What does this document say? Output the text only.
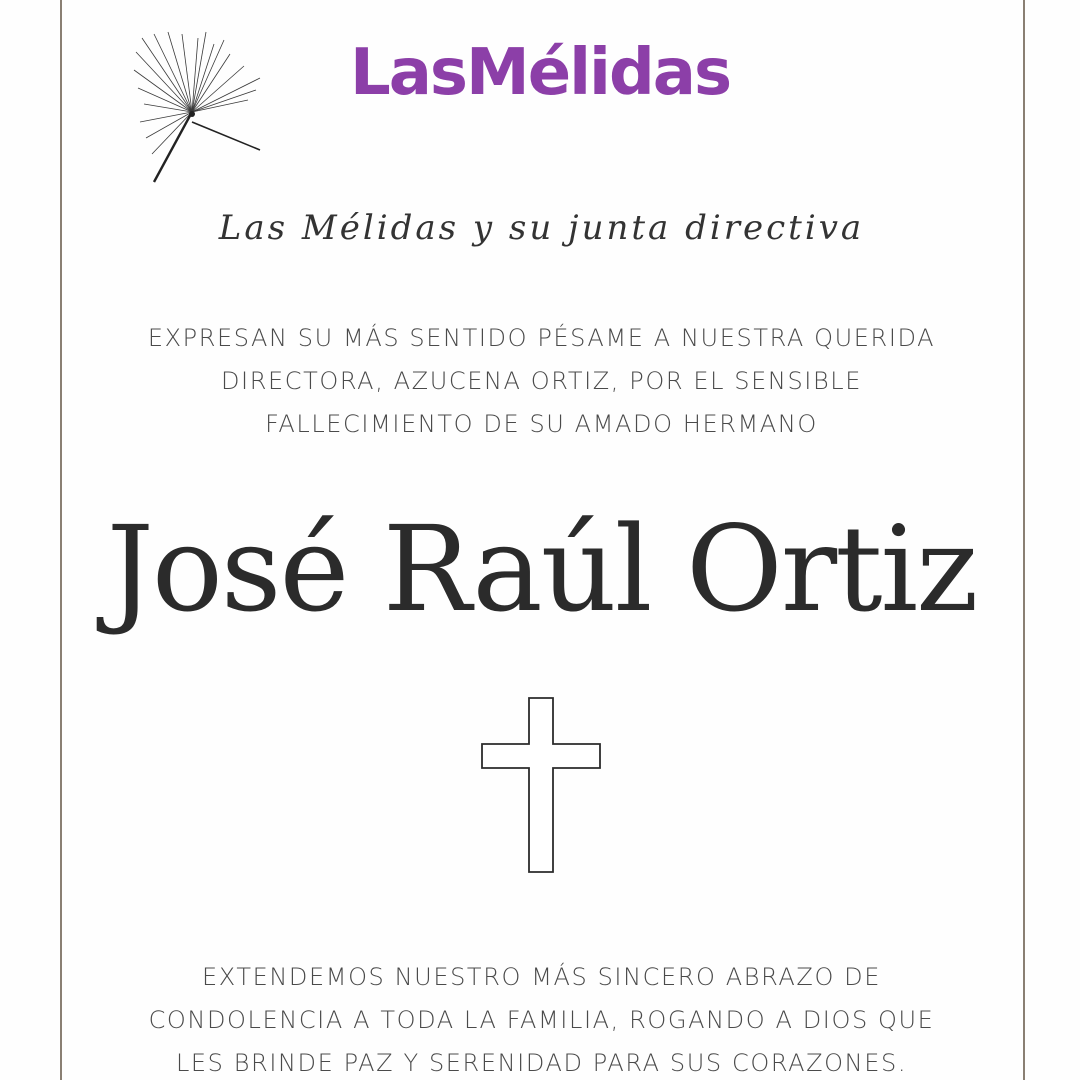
LasMélidas
Las Mélidas y su junta directiva
EXPRESAN SU MÁS SENTIDO PÉSAME A NUESTRA QUERIDA
DIRECTORA, AZUCENA ORTIZ, POR EL SENSIBLE
FALLECIMIENTO DE SU AMADO HERMANO
José Raúl Ortiz
EXTENDEMOS NUESTRO MÁS SINCERO ABRAZO DE
CONDOLENCIA A TODA LA FAMILIA, ROGANDO A DIOS QUE
LES BRINDE PAZ Y SERENIDAD PARA SUS CORAZONES.
